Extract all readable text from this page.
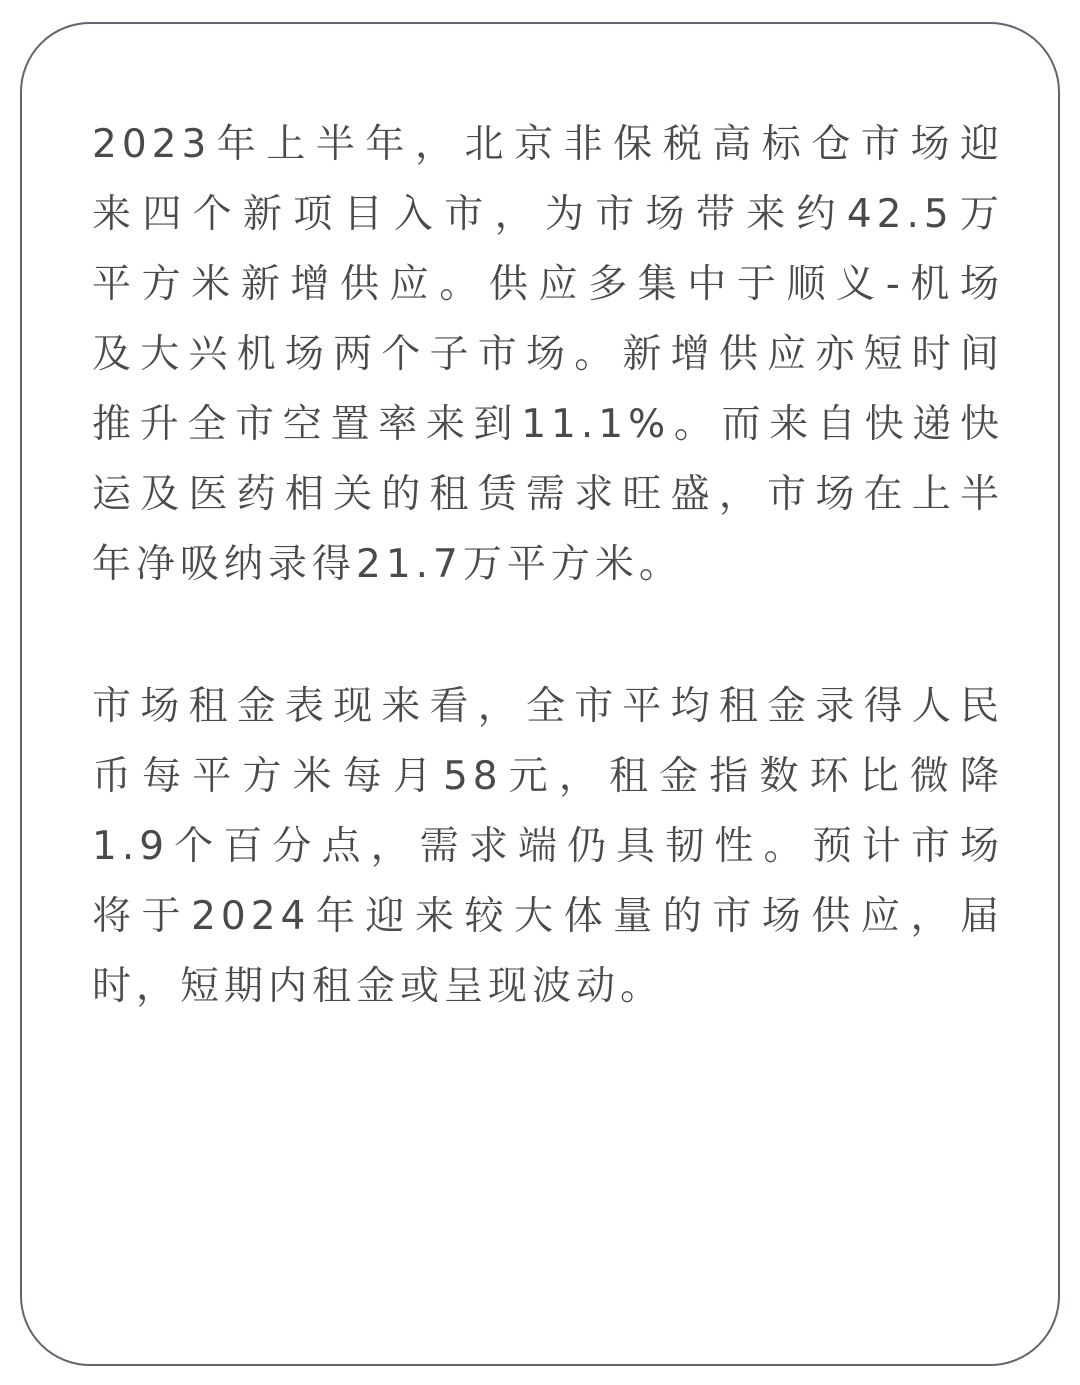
2023年上半年，北京非保税高标仓市场迎
来四个新项目入市，为市场带来约42.5万
平方米新增供应。供应多集中于顺义-机场
及大兴机场两个子市场。新增供应亦短时间
推升全市空置率来到11.1%。而来自快递快
运及医药相关的租赁需求旺盛，市场在上半
年净吸纳录得21.7万平方米。
市场租金表现来看，全市平均租金录得人民
币每平方米每月58元，租金指数环比微降
1.9个百分点，需求端仍具韧性。预计市场
将于2024年迎来较大体量的市场供应，届
时，短期内租金或呈现波动。
